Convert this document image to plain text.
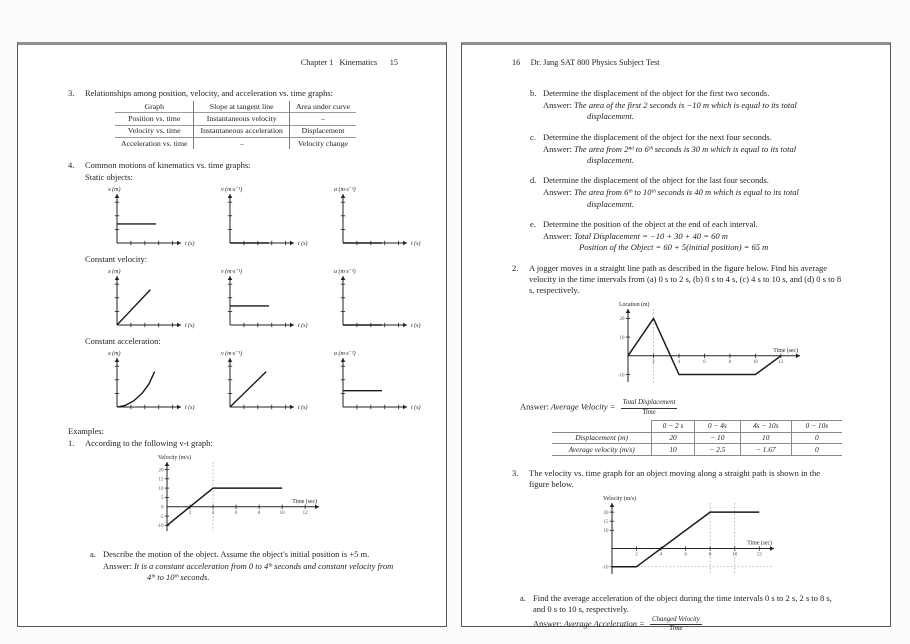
Chapter 1   Kinematics      15
3.	Relationships among position, velocity, and acceleration vs. time graphs:
Graph	Slope at tangent line	Area under curve
Position vs. time	Instantaneous velocity	–
Velocity vs. time	Instantaneous acceleration	Displacement
Acceleration vs. time	–	Velocity change
4.	Common motions of kinematics vs. time graphs:
Static objects:
x (m)
t (s)
v (m·s⁻¹)
t (s)
a (m·s⁻²)
t (s)
Constant velocity:
x (m)
t (s)
v (m·s⁻¹)
t (s)
a (m·s⁻²)
t (s)
Constant acceleration:
x (m)
t (s)
v (m·s⁻¹)
t (s)
a (m·s⁻²)
t (s)
Examples:
1.	According to the following v-t graph:
2	4	6	8	10	12
20
15
10
5
0
-5
-10
Velocity (m/s)
Time (sec)
a. Describe the motion of the object. Assume the object's initial position is +5 m.
Answer: It is a constant acceleration from 0 to 4ᵗʰ seconds and constant velocity from 4ᵗʰ to 10ᵗʰ seconds.
16     Dr. Jang SAT 800 Physics Subject Test
b. Determine the displacement of the object for the first two seconds.
Answer: The area of the first 2 seconds is −10 m which is equal to its total displacement.
c. Determine the displacement of the object for the next four seconds.
Answer: The area from 2ⁿᵈ to 6ᵗʰ seconds is 30 m which is equal to its total displacement.
d. Determine the displacement of the object for the last four seconds.
Answer: The area from 6ᵗʰ to 10ᵗʰ seconds is 40 m which is equal to its total displacement.
e. Determine the position of the object at the end of each interval.
Answer: Total Displacement = −10 + 30 + 40 = 60 m
Position of the Object = 60 + 5(initial position) = 65 m
2.	A jogger moves in a straight line path as described in the figure below. Find his average velocity in the time intervals from (a) 0 s to 2 s, (b) 0 s to 4 s, (c) 4 s to 10 s, and (d) 0 s to 8 s, respectively.
2	4	6	8	10	12
20
10
-10
Location (m)
Time (sec)
Answer: Average Velocity = $\frac{\text{Total Displacement}}{\text{Time}}$
	0 − 2 s	0 − 4s	4s − 10s	0 − 10s
Displacement (m)	20	− 10	10	0
Average velocity (m/s)	10	− 2.5	− 1.67	0
3.	The velocity vs. time graph for an object moving along a straight path is shown in the figure below.
2	4	6	8	10	12
20
15
10
-10
Velocity (m/s)
Time (sec)
a. Find the average acceleration of the object during the time intervals 0 s to 2 s, 2 s to 8 s, and 0 s to 10 s, respectively.
Answer: Average Acceleration = $\frac{\text{Changed Velocity}}{\text{Time}}$
